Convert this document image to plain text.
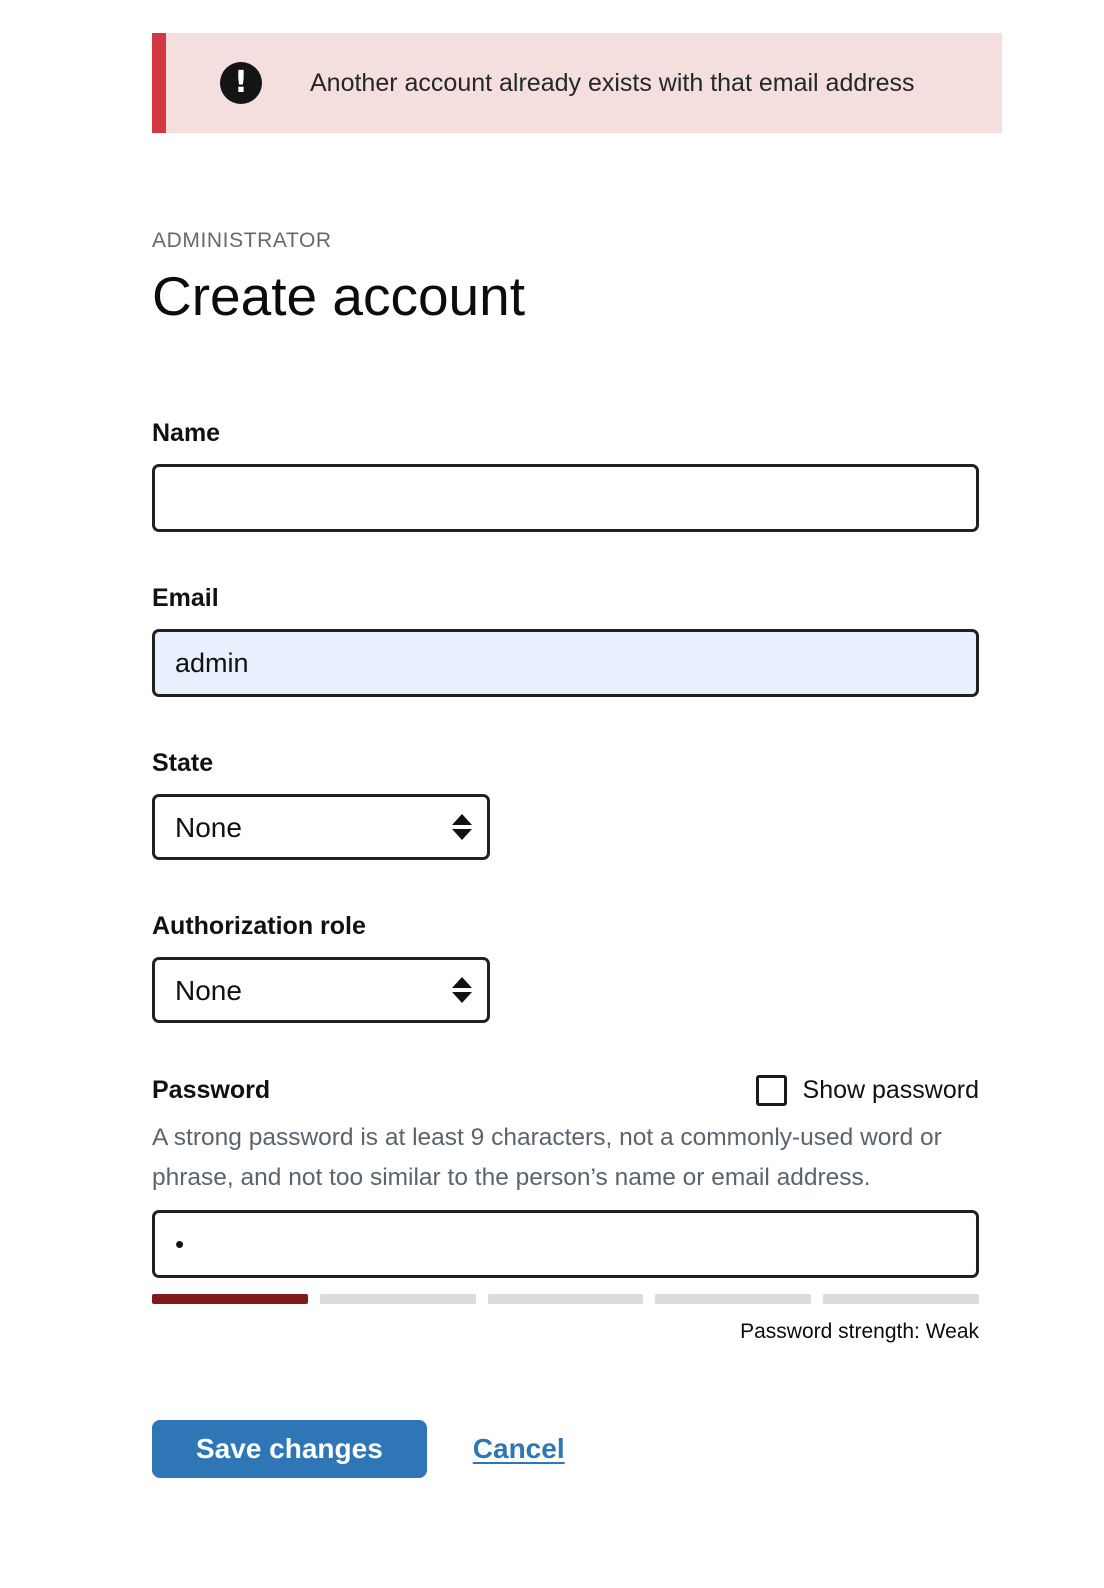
!	Another account already exists with that email address
ADMINISTRATOR
Create account
Name
Email
admin
State
None
Authorization role
None
Password	Show password
A strong password is at least 9 characters, not a commonly-used word or phrase, and not too similar to the person’s name or email address.
•
Password strength: Weak
Save changes	Cancel
